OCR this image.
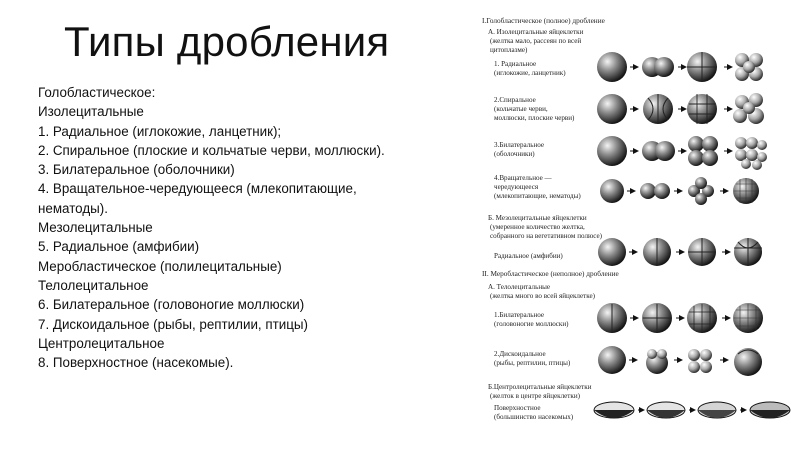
Типы дробления

Голобластическое:

Изолецитальные

1. Радиальное (иглокожие, ланцетник);

2. Спиральное (плоские и кольчатые черви, моллюски).

3. Билатеральное (оболочники)

4. Вращательное-чередующееся (млекопитающие,

нематоды).

Мезолецитальные

5. Радиальное (амфибии)

Меробластическое (полилецитальные)

Телолецитальное

6. Билатеральное (головоногие моллюски)

7. Дискоидальное (рыбы, рептилии, птицы)

Центролецитальное

8. Поверхностное (насекомые).

I.Голобластическое (полное) дробление
А. Изолецитальные яйцеклетки
(желтка мало, рассеян по всей
цитоплазме)
1. Радиальное
(иглокожие, ланцетник)
2.Спиральное
(кольчатые черви,
моллюски, плоские черви)
3.Билатеральное
(оболочники)
4.Вращательное —
чередующееся
(млекопитающие, нематоды)
Б. Мезолецитальные яйцеклетки
(умеренное количество желтка,
собранного на вегетативном полюсе)
Радиальное (амфибии)
II. Меробластическое (неполное) дробление
А. Телолецитальные
(желтка много во всей яйцеклетке)
1.Билатеральное
(головоногие моллюски)
2.Дискоидальное
(рыбы, рептилии, птицы)
Б.Центролецитальные яйцеклетки
(желток в центре яйцеклетки)
Поверхностное
(большинство насекомых)
